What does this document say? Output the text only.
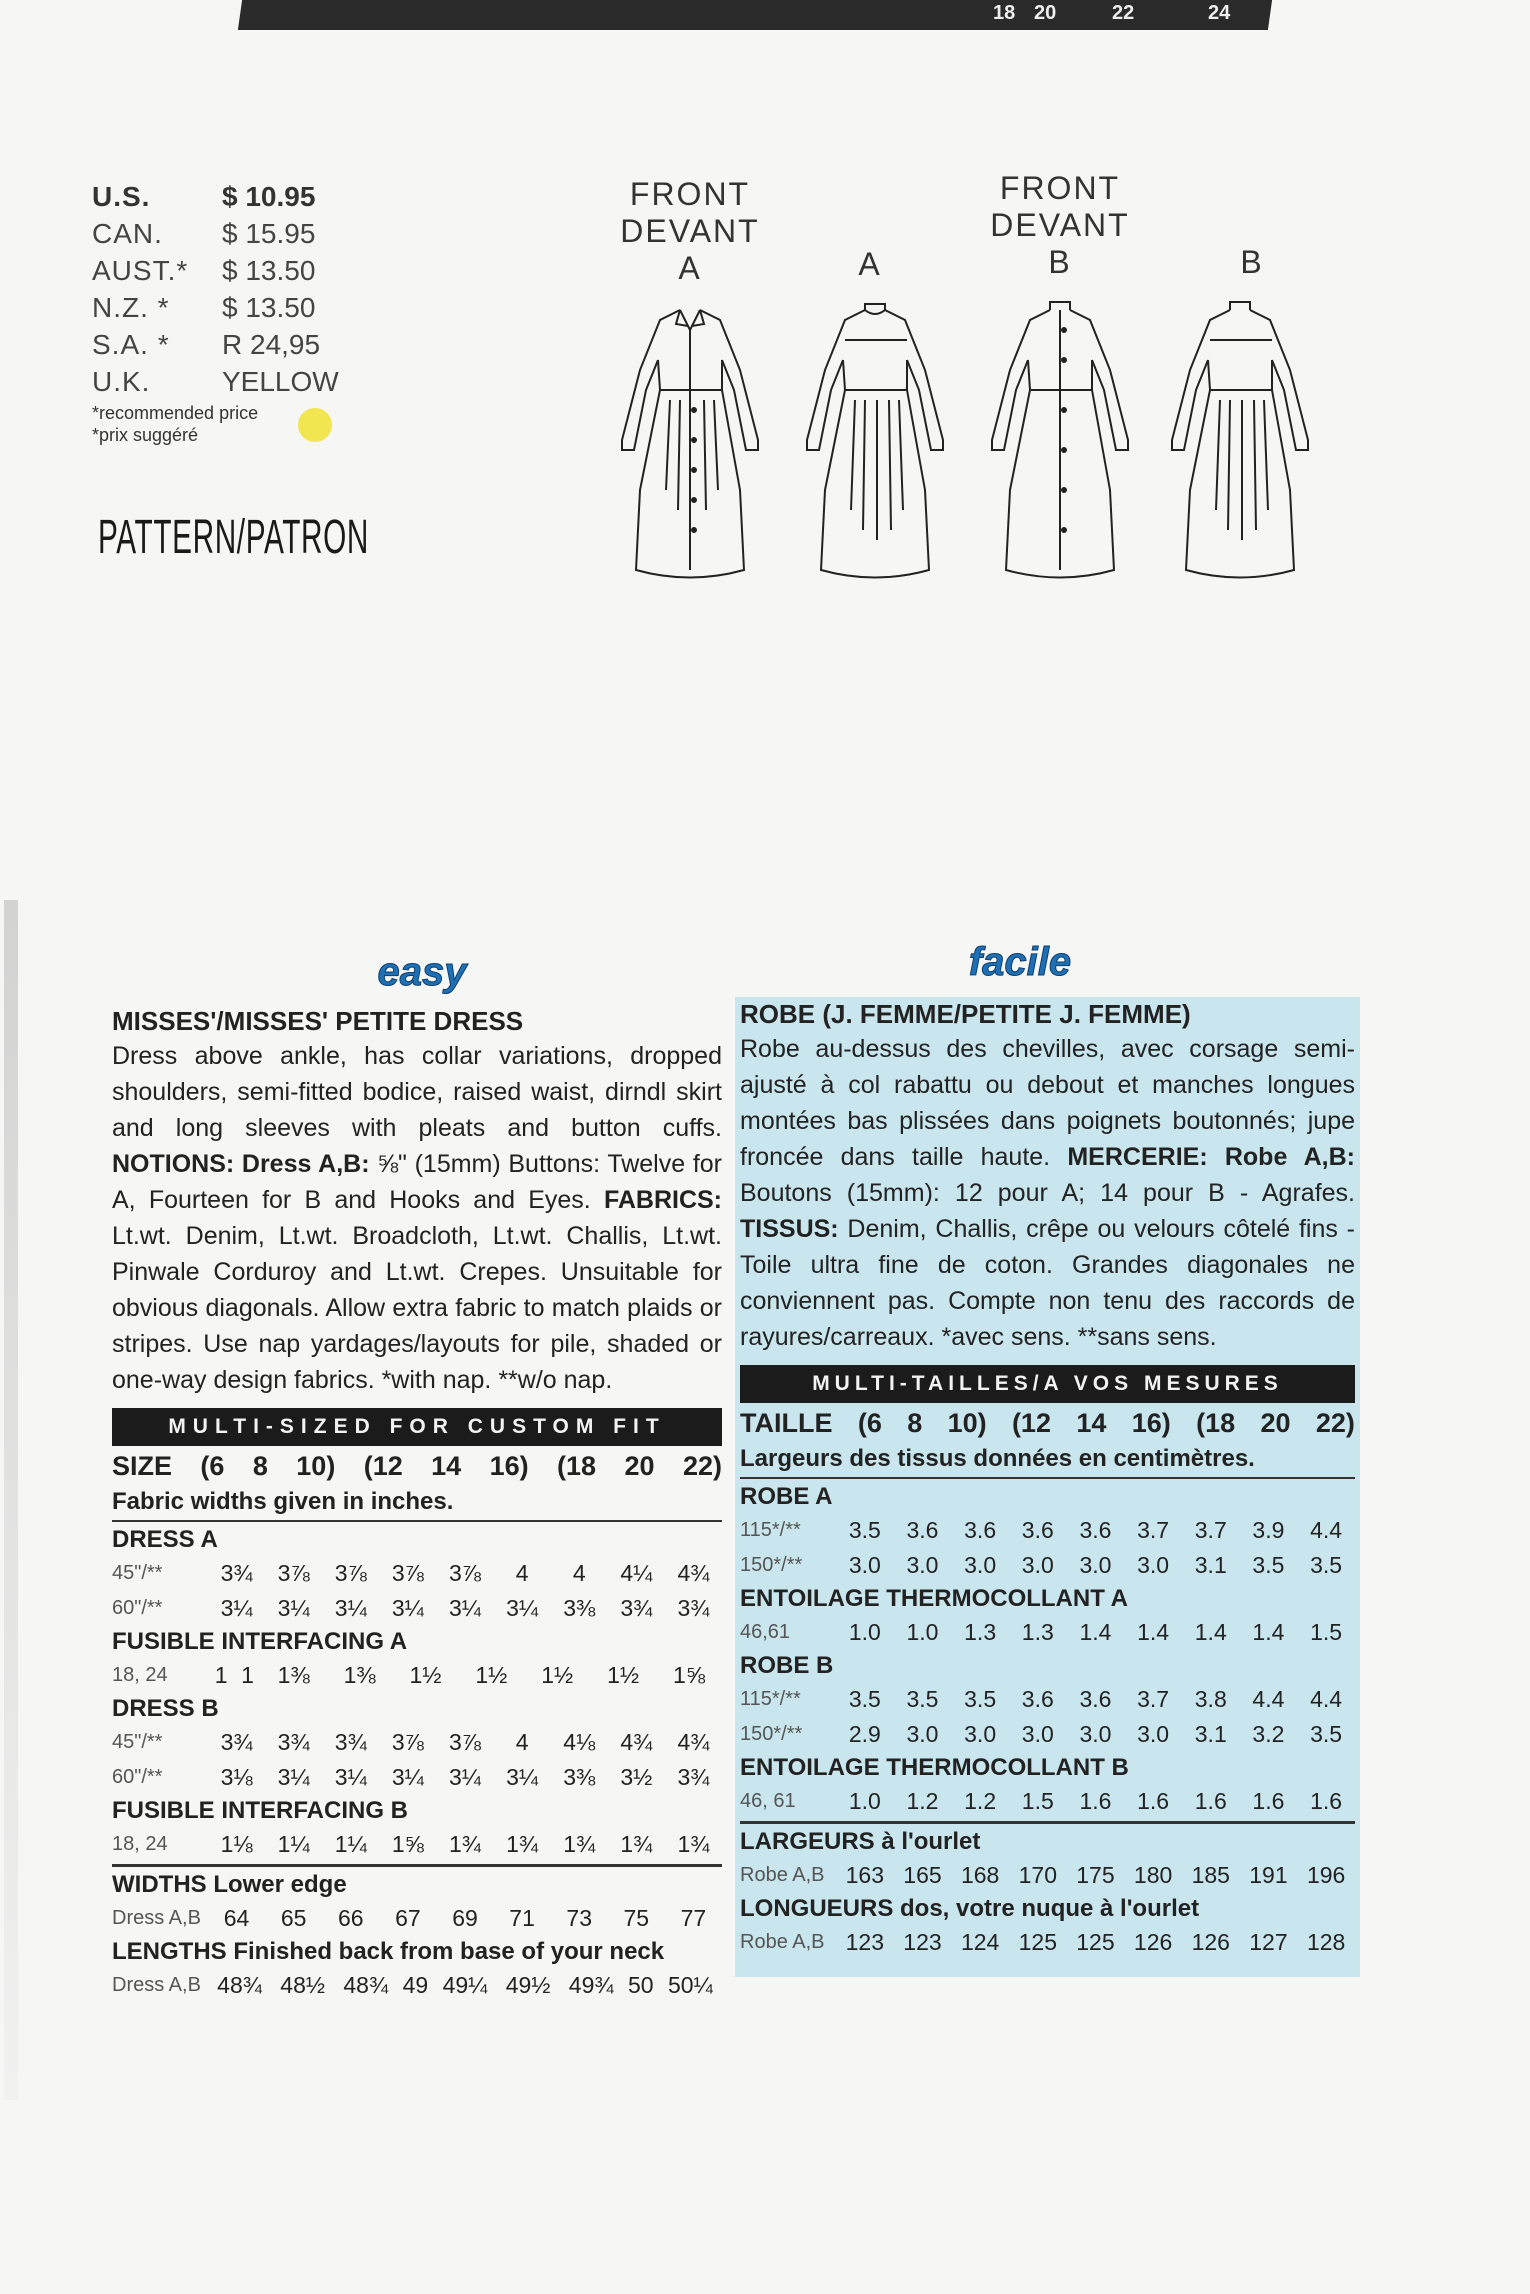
18 20	22	24
U.S.	$ 10.95
CAN.	$ 15.95
AUST.*	$ 13.50
N.Z. *	$ 13.50
S.A. *	R 24,95
U.K.	YELLOW
*recommended price
*prix suggéré
PATTERN/PATRON
FRONT
DEVANT
A	A
FRONT
DEVANT
B	B
easy
MISSES'/MISSES' PETITE DRESS
Dress above ankle, has collar variations, dropped shoulders, semi-fitted bodice, raised waist, dirndl skirt and long sleeves with pleats and button cuffs. NOTIONS: Dress A,B: ⅝" (15mm) Buttons: Twelve for A, Fourteen for B and Hooks and Eyes. FABRICS: Lt.wt. Denim, Lt.wt. Broadcloth, Lt.wt. Challis, Lt.wt. Pinwale Corduroy and Lt.wt. Crepes. Unsuitable for obvious diagonals. Allow extra fabric to match plaids or stripes. Use nap yardages/layouts for pile, shaded or one-way design fabrics. *with nap. **w/o nap.
MULTI-SIZED FOR CUSTOM FIT
SIZE (6 8 10) (12 14 16) (18 20 22)
Fabric widths given in inches.
DRESS A
45"/**	3¾	3⅞	3⅞	3⅞	3⅞	4	4	4¼	4¾
60"/**	3¼	3¼	3¼	3¼	3¼	3¼	3⅜	3¾	3¾
FUSIBLE INTERFACING A
18, 24	1	1	1⅜	1⅜	1½	1½	1½	1½	1⅝
DRESS B
45"/**	3¾	3¾	3¾	3⅞	3⅞	4	4⅛	4¾	4¾
60"/**	3⅛	3¼	3¼	3¼	3¼	3¼	3⅜	3½	3¾
FUSIBLE INTERFACING B
18, 24	1⅛	1¼	1¼	1⅝	1¾	1¾	1¾	1¾	1¾
WIDTHS Lower edge
Dress A,B	64	65	66	67	69	71	73	75	77
LENGTHS Finished back from base of your neck
Dress A,B	48¾	48½	48¾	49	49¼	49½	49¾	50	50¼
facile
ROBE (J. FEMME/PETITE J. FEMME)
Robe au-dessus des chevilles, avec corsage semi-ajusté à col rabattu ou debout et manches longues montées bas plissées dans poignets boutonnés; jupe froncée dans taille haute. MERCERIE: Robe A,B: Boutons (15mm): 12 pour A; 14 pour B - Agrafes. TISSUS: Denim, Challis, crêpe ou velours côtelé fins - Toile ultra fine de coton. Grandes diagonales ne conviennent pas. Compte non tenu des raccords de rayures/carreaux. *avec sens. **sans sens.
MULTI-TAILLES/A VOS MESURES
TAILLE (6 8 10) (12 14 16) (18 20 22)
Largeurs des tissus données en centimètres.
ROBE A
115*/**	3.5	3.6	3.6	3.6	3.6	3.7	3.7	3.9	4.4
150*/**	3.0	3.0	3.0	3.0	3.0	3.0	3.1	3.5	3.5
ENTOILAGE THERMOCOLLANT A
46,61	1.0	1.0	1.3	1.3	1.4	1.4	1.4	1.4	1.5
ROBE B
115*/**	3.5	3.5	3.5	3.6	3.6	3.7	3.8	4.4	4.4
150*/**	2.9	3.0	3.0	3.0	3.0	3.0	3.1	3.2	3.5
ENTOILAGE THERMOCOLLANT B
46, 61	1.0	1.2	1.2	1.5	1.6	1.6	1.6	1.6	1.6
LARGEURS à l'ourlet
Robe A,B	163	165	168	170	175	180	185	191	196
LONGUEURS dos, votre nuque à l'ourlet
Robe A,B	123	123	124	125	125	126	126	127	128
